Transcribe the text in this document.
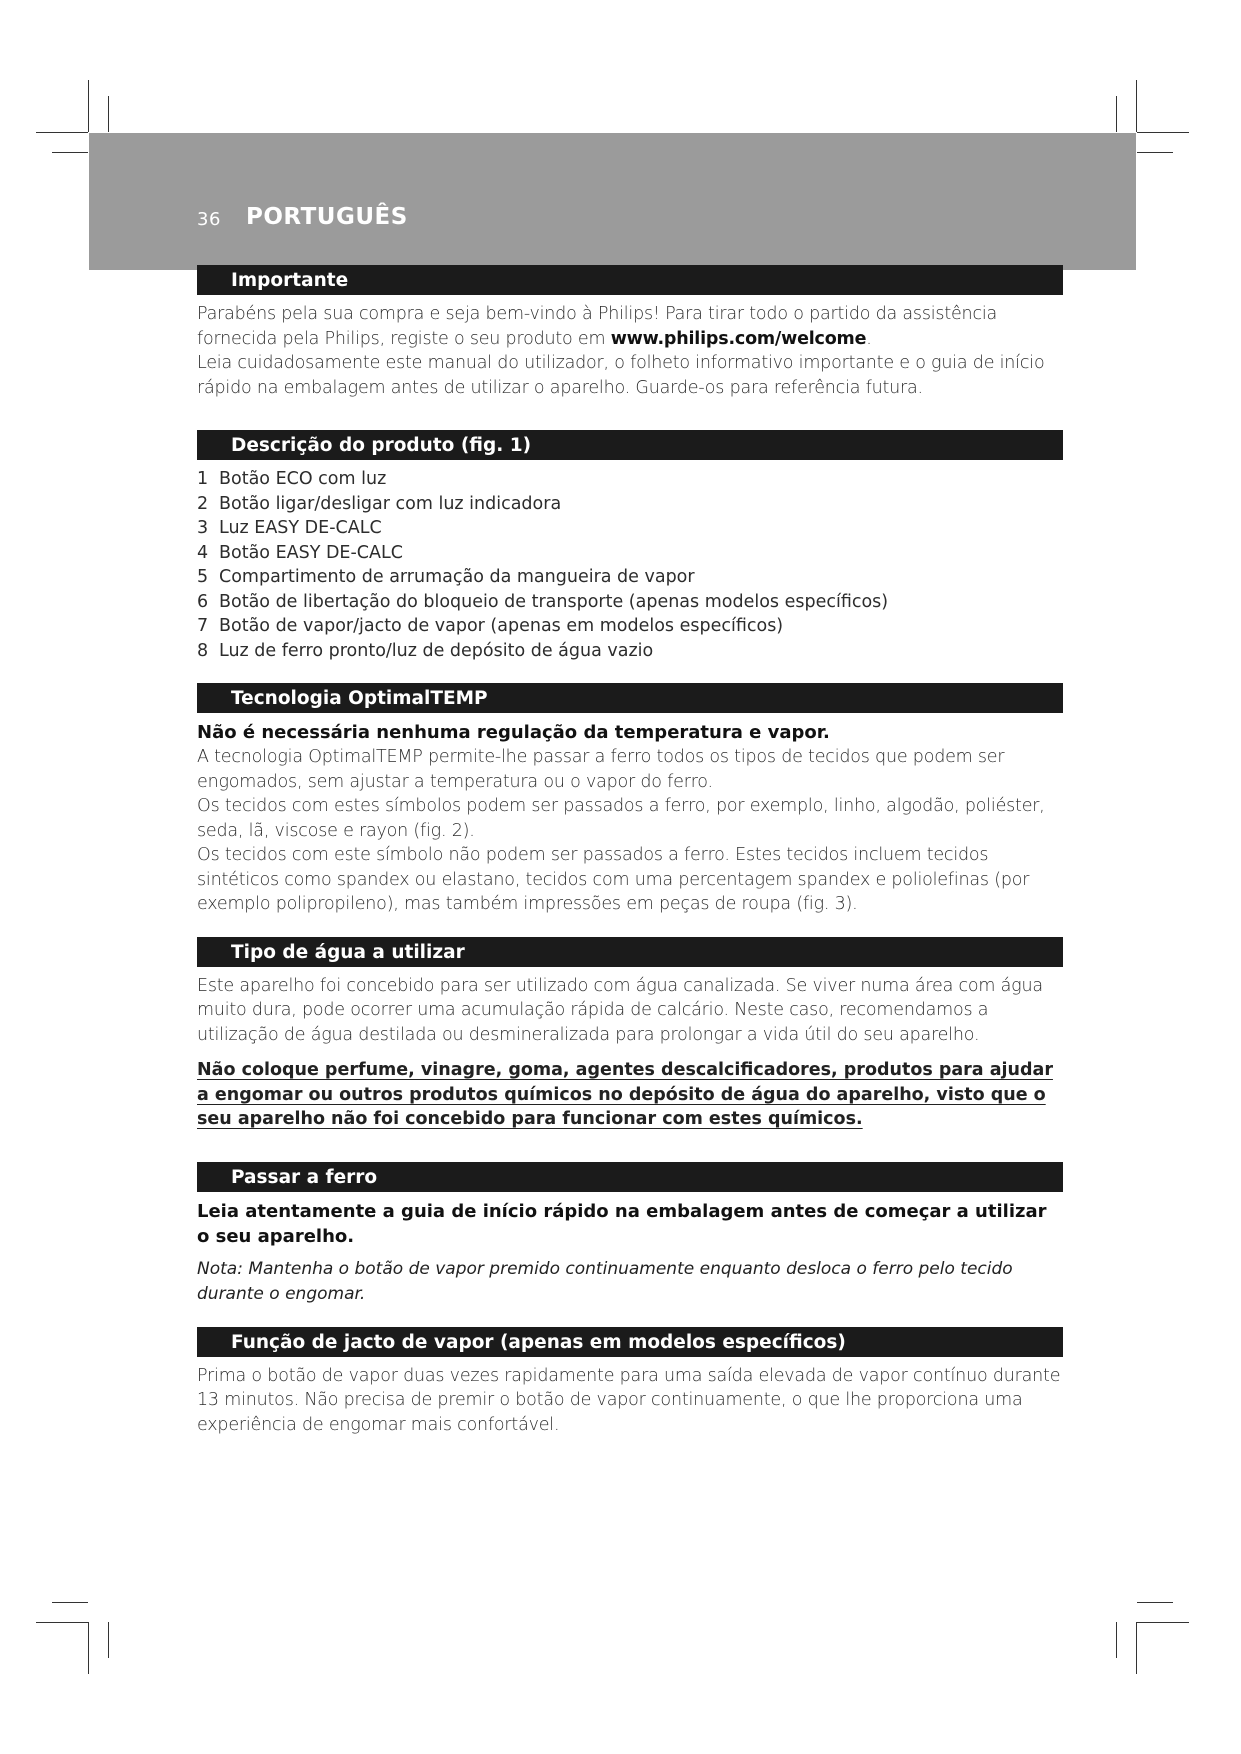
36 PORTUGUÊS
Importante

Parabéns pela sua compra e seja bem-vindo à Philips! Para tirar todo o partido da assistência fornecida pela Philips, registe o seu produto em www.philips.com/welcome.

Leia cuidadosamente este manual do utilizador, o folheto informativo importante e o guia de início rápido na embalagem antes de utilizar o aparelho. Guarde-os para referência futura.

Descrição do produto (fig. 1)
1 Botão ECO com luz
2 Botão ligar/desligar com luz indicadora
3 Luz EASY DE-CALC
4 Botão EASY DE-CALC
5 Compartimento de arrumação da mangueira de vapor
6 Botão de libertação do bloqueio de transporte (apenas modelos específicos)
7 Botão de vapor/jacto de vapor (apenas em modelos específicos)
8 Luz de ferro pronto/luz de depósito de água vazio
Tecnologia OptimalTEMP

Não é necessária nenhuma regulação da temperatura e vapor.

A tecnologia OptimalTEMP permite-lhe passar a ferro todos os tipos de tecidos que podem ser engomados, sem ajustar a temperatura ou o vapor do ferro.

Os tecidos com estes símbolos podem ser passados a ferro, por exemplo, linho, algodão, poliéster, seda, lã, viscose e rayon (fig. 2).

Os tecidos com este símbolo não podem ser passados a ferro. Estes tecidos incluem tecidos sintéticos como spandex ou elastano, tecidos com uma percentagem spandex e poliolefinas (por exemplo polipropileno), mas também impressões em peças de roupa (fig. 3).

Tipo de água a utilizar

Este aparelho foi concebido para ser utilizado com água canalizada. Se viver numa área com água muito dura, pode ocorrer uma acumulação rápida de calcário. Neste caso, recomendamos a utilização de água destilada ou desmineralizada para prolongar a vida útil do seu aparelho.

Não coloque perfume, vinagre, goma, agentes descalcificadores, produtos para ajudar a engomar ou outros produtos químicos no depósito de água do aparelho, visto que o seu aparelho não foi concebido para funcionar com estes químicos.

Passar a ferro

Leia atentamente a guia de início rápido na embalagem antes de começar a utilizar o seu aparelho.

Nota: Mantenha o botão de vapor premido continuamente enquanto desloca o ferro pelo tecido durante o engomar.

Função de jacto de vapor (apenas em modelos específicos)

Prima o botão de vapor duas vezes rapidamente para uma saída elevada de vapor contínuo durante 13 minutos. Não precisa de premir o botão de vapor continuamente, o que lhe proporciona uma experiência de engomar mais confortável.
